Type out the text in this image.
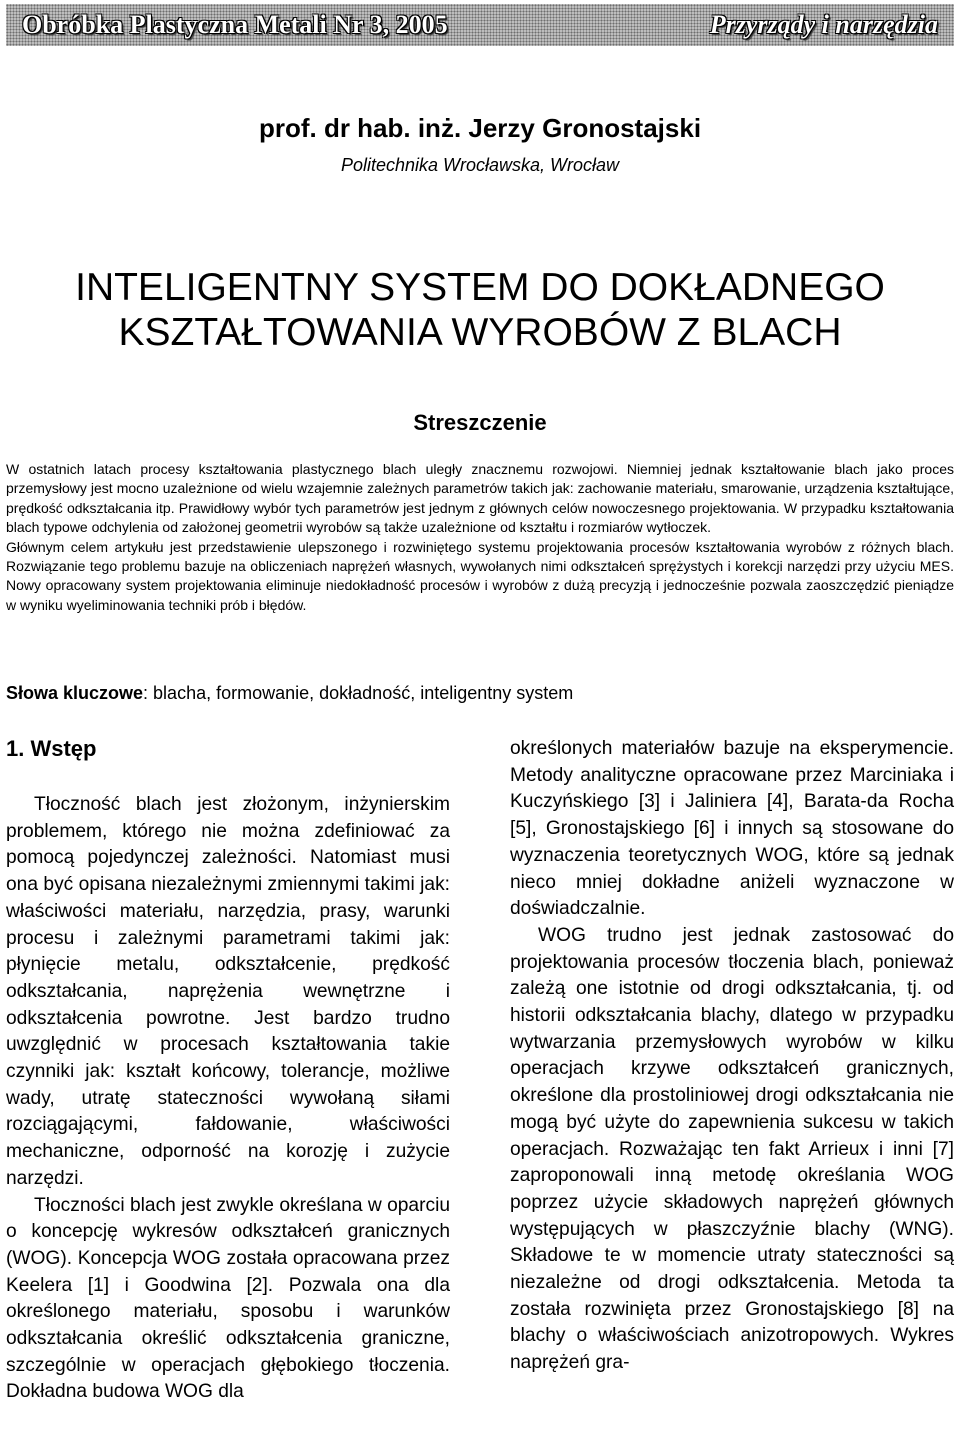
Obróbka Plastyczna Metali Nr 3, 2005	Przyrządy i narzędzia
prof. dr hab. inż. Jerzy Gronostajski
Politechnika Wrocławska, Wrocław
INTELIGENTNY SYSTEM DO DOKŁADNEGO
KSZTAŁTOWANIA WYROBÓW Z BLACH
Streszczenie
W ostatnich latach procesy kształtowania plastycznego blach uległy znacznemu rozwojowi. Niemniej jednak kształtowanie blach jako proces przemysłowy jest mocno uzależnione od wielu wzajemnie zależnych parametrów takich jak: zachowanie materiału, smarowanie, urządzenia kształtujące, prędkość odkształcania itp. Prawidłowy wybór tych parametrów jest jednym z głównych celów nowoczesnego projektowania. W przypadku kształtowania blach typowe odchylenia od założonej geometrii wyrobów są także uzależnione od kształtu i rozmiarów wytłoczek.
Głównym celem artykułu jest przedstawienie ulepszonego i rozwiniętego systemu projektowania procesów kształtowania wyrobów z różnych blach. Rozwiązanie tego problemu bazuje na obliczeniach naprężeń własnych, wywołanych nimi odkształceń sprężystych i korekcji narzędzi przy użyciu MES. Nowy opracowany system projektowania eliminuje niedokładność procesów i wyrobów z dużą precyzją i jednocześnie pozwala zaoszczędzić pieniądze w wyniku wyeliminowania techniki prób i błędów.
Słowa kluczowe: blacha, formowanie, dokładność, inteligentny system
1. Wstęp

Tłoczność blach jest złożonym, inżynierskim problemem, którego nie można zdefiniować za pomocą pojedynczej zależności. Natomiast musi ona być opisana niezależnymi zmiennymi takimi jak: właściwości materiału, narzędzia, prasy, warunki procesu i zależnymi parametrami takimi jak: płynięcie metalu, odkształcenie, prędkość odkształcania, naprężenia wewnętrzne i odkształcenia powrotne. Jest bardzo trudno uwzględnić w procesach kształtowania takie czynniki jak: kształt końcowy, tolerancje, możliwe wady, utratę stateczności wywołaną siłami rozciągającymi, fałdowanie, właściwości mechaniczne, odporność na korozję i zużycie narzędzi.

Tłoczności blach jest zwykle określana w oparciu o koncepcję wykresów odkształceń granicznych (WOG). Koncepcja WOG została opracowana przez Keelera [1] i Goodwina [2]. Pozwala ona dla określonego materiału, sposobu i warunków odkształcania określić odkształcenia graniczne, szczególnie w operacjach głębokiego tłoczenia. Dokładna budowa WOG dla

określonych materiałów bazuje na eksperymencie. Metody analityczne opracowane przez Marciniaka i Kuczyńskiego [3] i Jaliniera [4], Barata-da Rocha [5], Gronostajskiego [6] i innych są stosowane do wyznaczenia teoretycznych WOG, które są jednak nieco mniej dokładne aniżeli wyznaczone w doświadczalnie.

WOG trudno jest jednak zastosować do projektowania procesów tłoczenia blach, ponieważ zależą one istotnie od drogi odkształcania, tj. od historii odkształcania blachy, dlatego w przypadku wytwarzania przemysłowych wyrobów w kilku operacjach krzywe odkształceń granicznych, określone dla prostoliniowej drogi odkształcania nie mogą być użyte do zapewnienia sukcesu w takich operacjach. Rozważając ten fakt Arrieux i inni [7] zaproponowali inną metodę określania WOG poprzez użycie składowych naprężeń głównych występujących w płaszczyźnie blachy (WNG). Składowe te w momencie utraty stateczności są niezależne od drogi odkształcenia. Metoda ta została rozwinięta przez Gronostajskiego [8] na blachy o właściwościach anizotropowych. Wykres naprężeń gra-
